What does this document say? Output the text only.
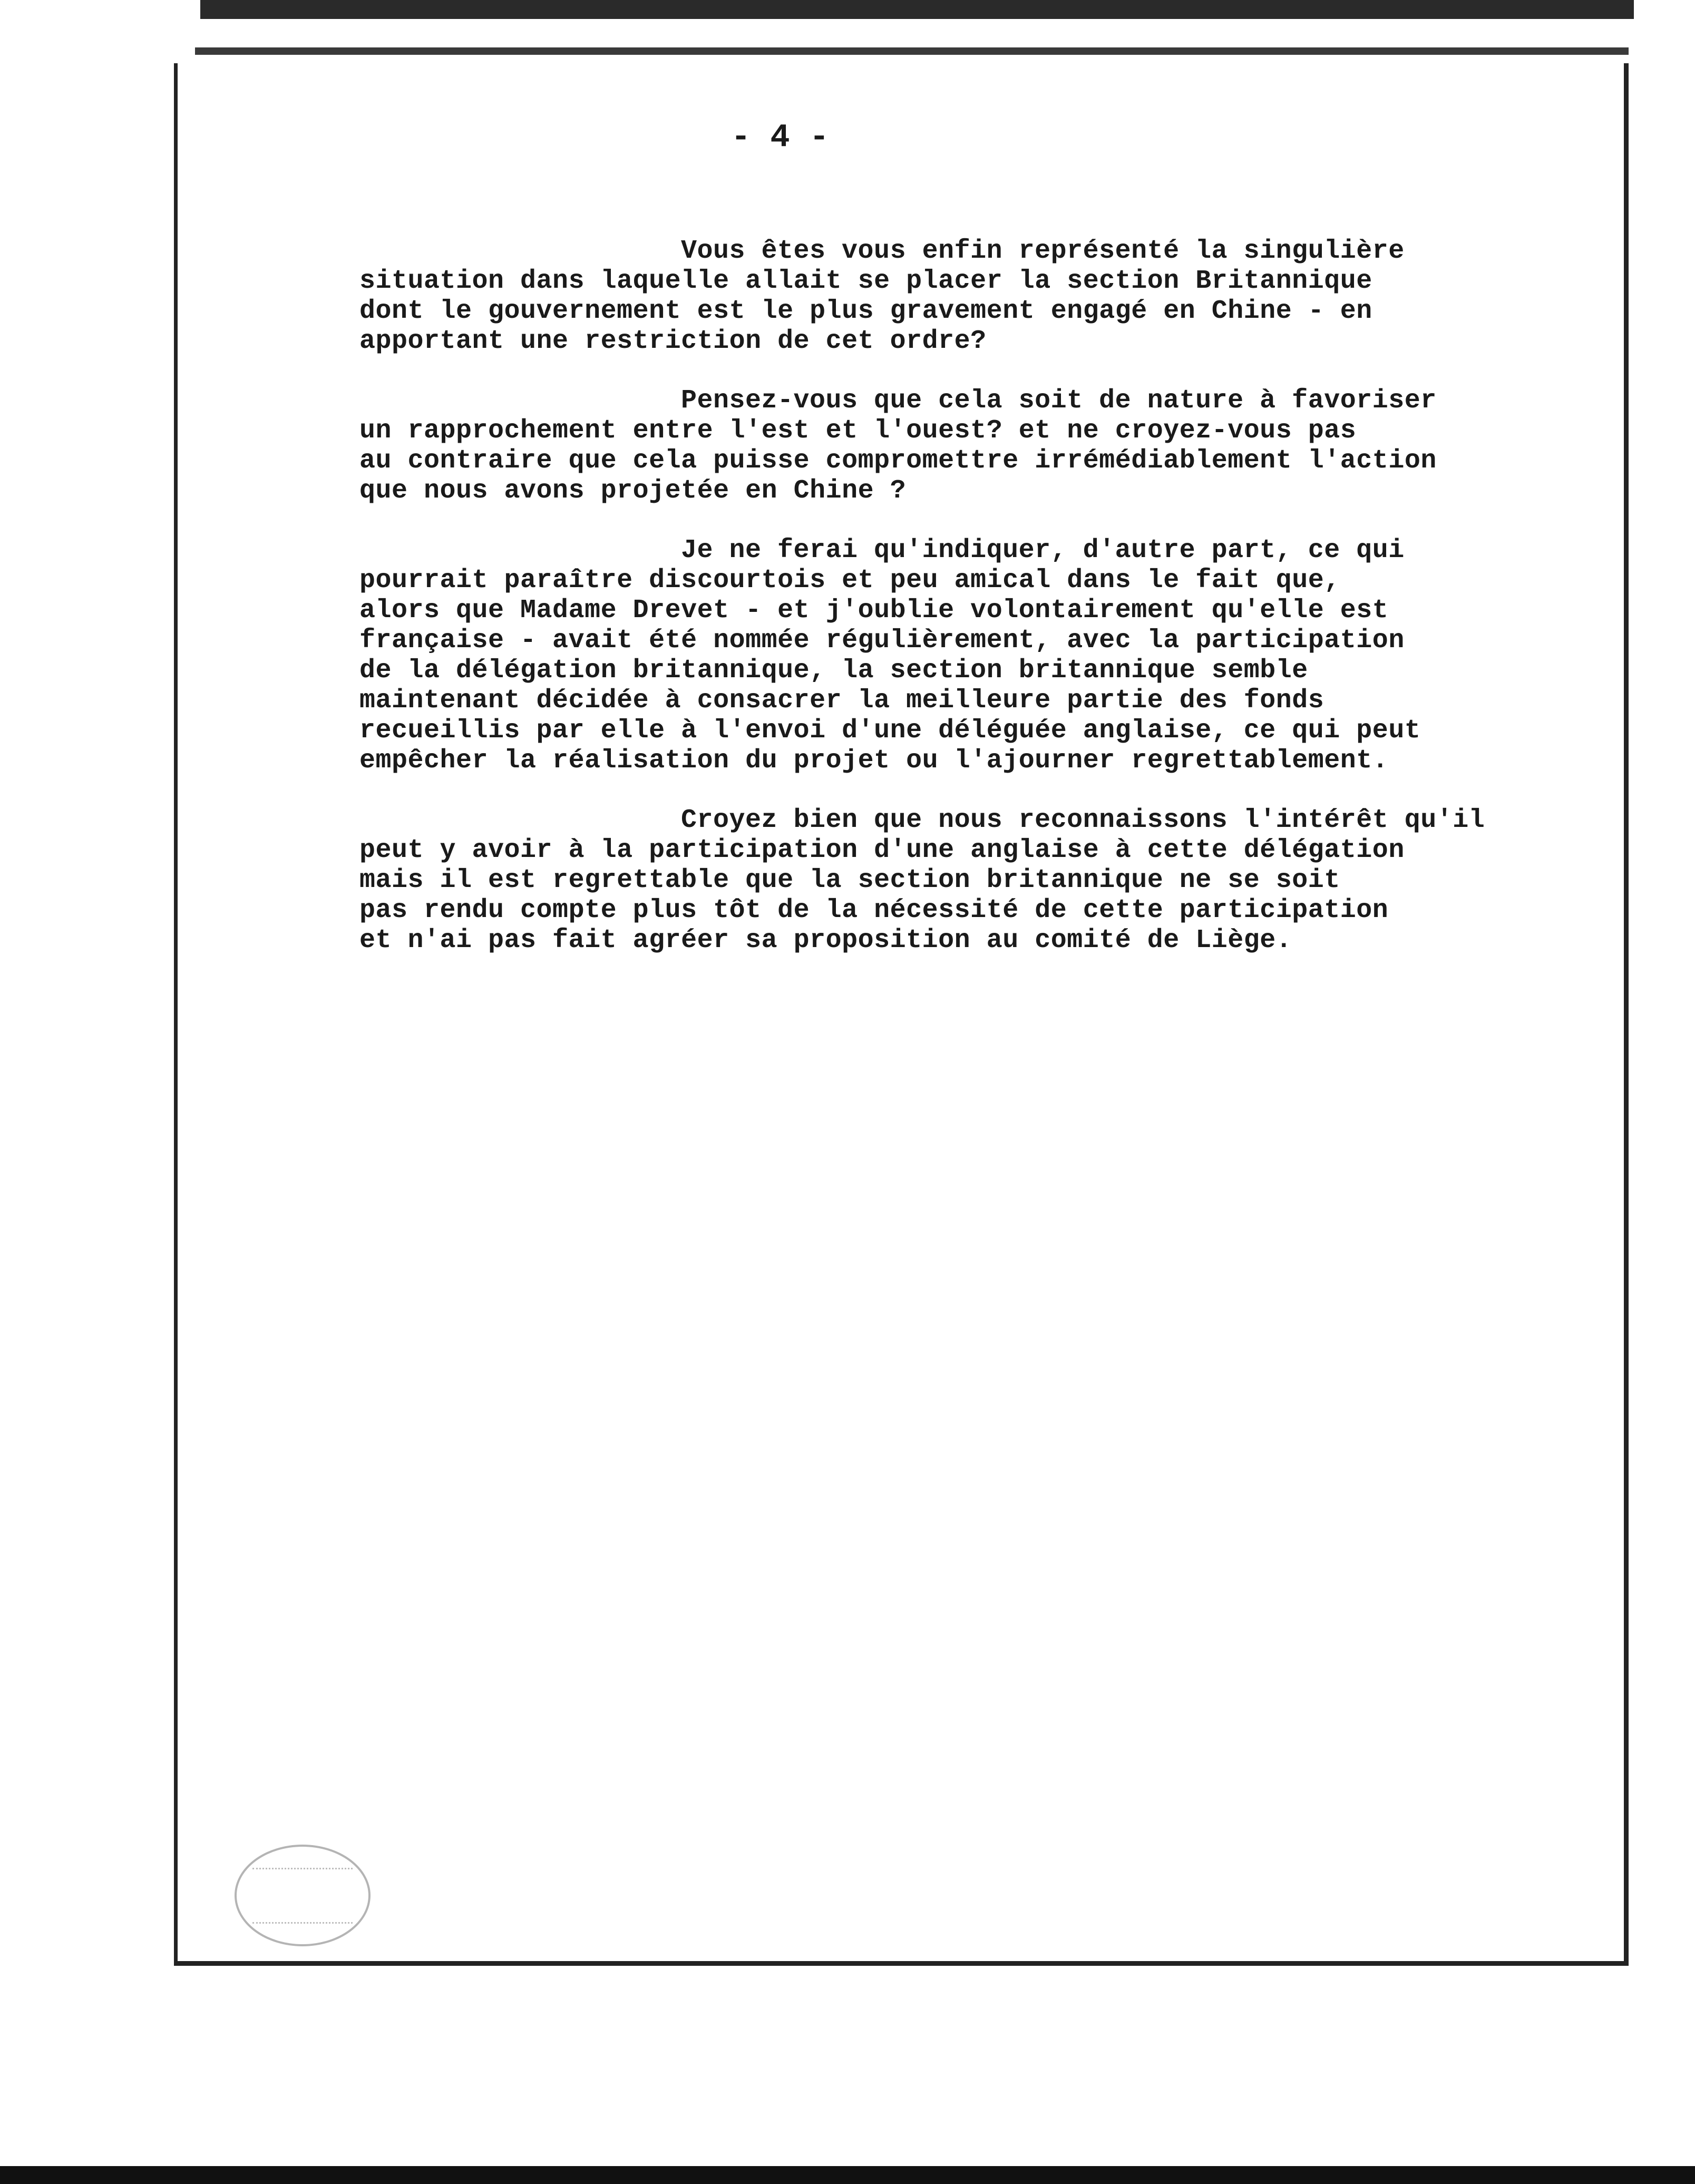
- 4 -
Vous êtes vous enfin représenté la singulière
situation dans laquelle allait se placer la section Britannique
dont le gouvernement est le plus gravement engagé en Chine - en
apportant une restriction de cet ordre?
Pensez-vous que cela soit de nature à favoriser
un rapprochement entre l'est et l'ouest? et ne croyez-vous pas
au contraire que cela puisse compromettre irrémédiablement l'action
que nous avons projetée en Chine ?
Je ne ferai qu'indiquer, d'autre part, ce qui
pourrait paraître discourtois et peu amical dans le fait que,
alors que Madame Drevet - et j'oublie volontairement qu'elle est
française - avait été nommée régulièrement, avec la participation
de la délégation britannique, la section britannique semble
maintenant décidée à consacrer la meilleure partie des fonds
recueillis par elle à l'envoi d'une déléguée anglaise, ce qui peut
empêcher la réalisation du projet ou l'ajourner regrettablement.
Croyez bien que nous reconnaissons l'intérêt qu'il
peut y avoir à la participation d'une anglaise à cette délégation
mais il est regrettable que la section britannique ne se soit
pas rendu compte plus tôt de la nécessité de cette participation
et n'ai pas fait agréer sa proposition au comité de Liège.
